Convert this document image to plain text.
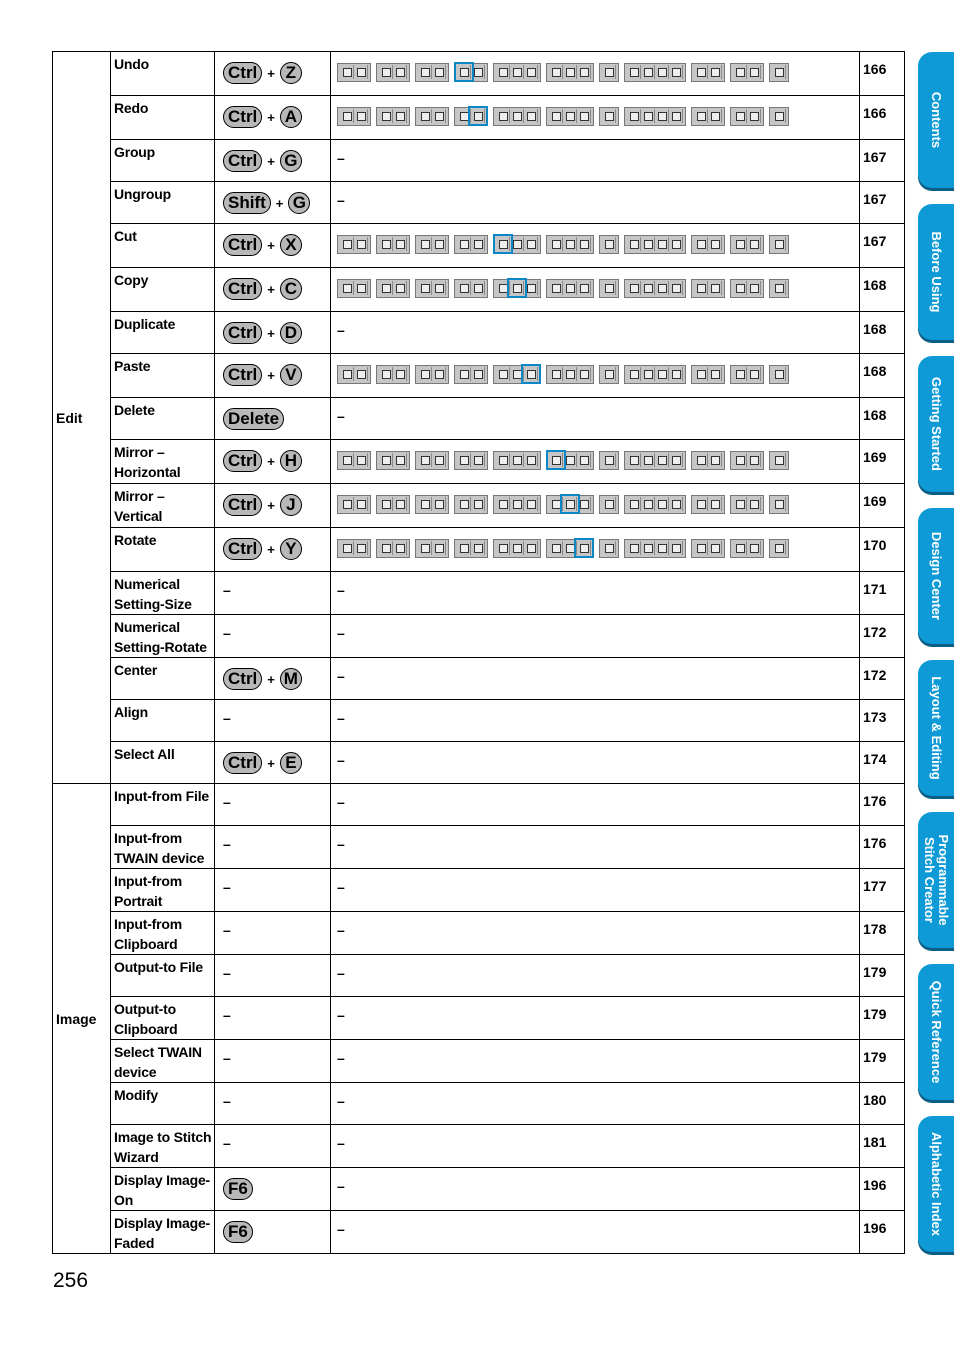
Edit	Undo	Ctrl + Z		166
	Redo	Ctrl + A		166
	Group	Ctrl + G	–	167
	Ungroup	Shift + G	–	167
	Cut	Ctrl + X		167
	Copy	Ctrl + C		168
	Duplicate	Ctrl + D	–	168
	Paste	Ctrl + V		168
	Delete	Delete	–	168
	Mirror – Horizontal	Ctrl + H		169
	Mirror – Vertical	Ctrl + J		169
	Rotate	Ctrl + Y		170
	Numerical Setting-Size	–	–	171
	Numerical Setting-Rotate	–	–	172
	Center	Ctrl + M	–	172
	Align	–	–	173
	Select All	Ctrl + E	–	174
Image	Input-from File	–	–	176
	Input-from TWAIN device	–	–	176
	Input-from Portrait	–	–	177
	Input-from Clipboard	–	–	178
	Output-to File	–	–	179
	Output-to Clipboard	–	–	179
	Select TWAIN device	–	–	179
	Modify	–	–	180
	Image to Stitch Wizard	–	–	181
	Display Image-On	F6	–	196
	Display Image-Faded	F6	–	196
Contents
Before Using
Getting Started
Design Center
Layout & Editing
Programmable Stitch Creator
Quick Reference
Alphabetic Index
256
